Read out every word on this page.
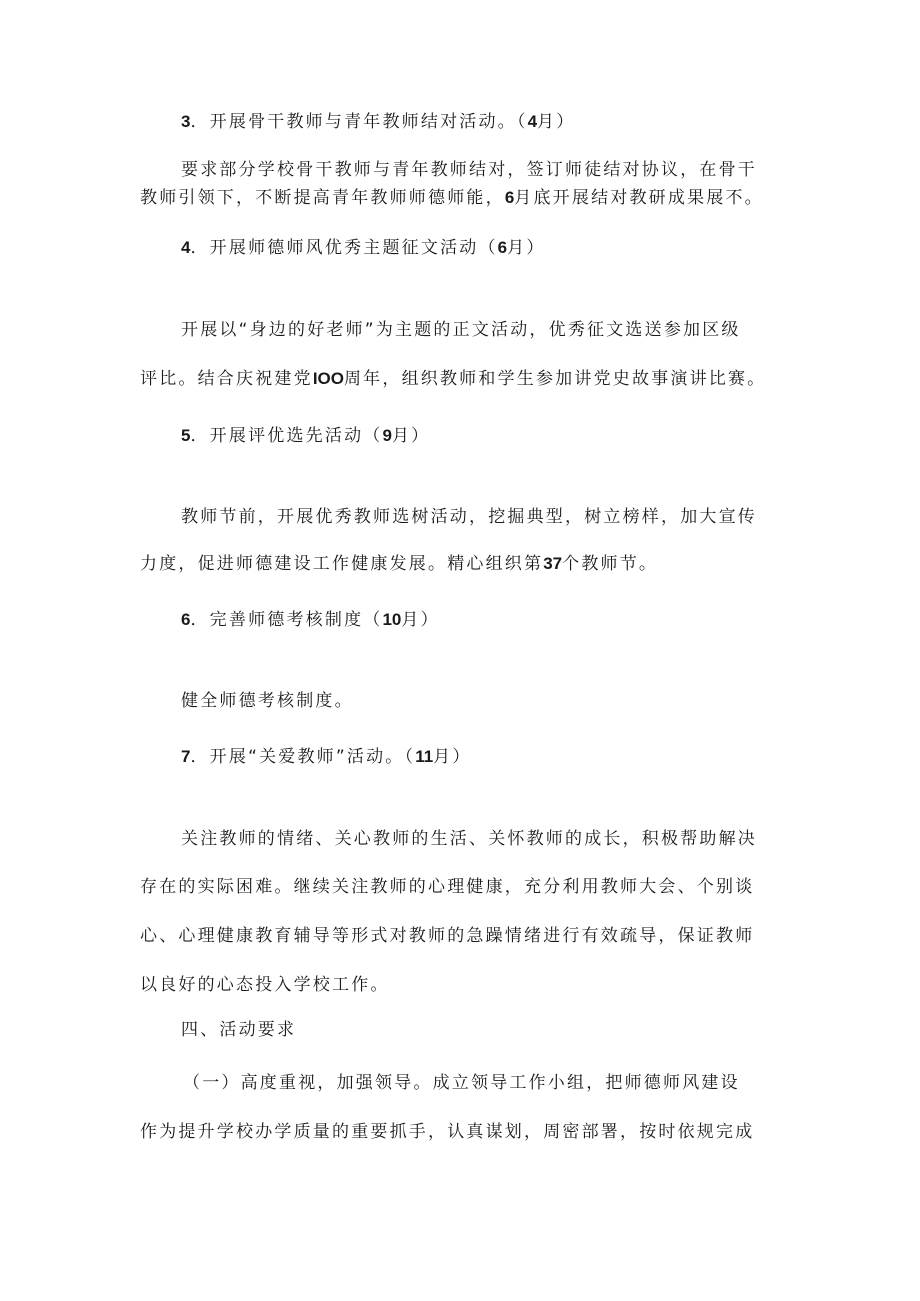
3．开展骨干教师与青年教师结对活动。（4月）
要求部分学校骨干教师与青年教师结对，签订师徒结对协议，在骨干
教师引领下，不断提高青年教师师德师能，6月底开展结对教研成果展不。
4．开展师德师风优秀主题征文活动（6月）
开展以“身边的好老师”为主题的正文活动，优秀征文选送参加区级
评比。结合庆祝建党IOO周年，组织教师和学生参加讲党史故事演讲比赛。
5．开展评优选先活动（9月）
教师节前，开展优秀教师选树活动，挖掘典型，树立榜样，加大宣传
力度，促进师德建设工作健康发展。精心组织第37个教师节。
6．完善师德考核制度（10月）
健全师德考核制度。
7．开展“关爱教师”活动。（11月）
关注教师的情绪、关心教师的生活、关怀教师的成长，积极帮助解决
存在的实际困难。继续关注教师的心理健康，充分利用教师大会、个别谈
心、心理健康教育辅导等形式对教师的急躁情绪进行有效疏导，保证教师
以良好的心态投入学校工作。
四、活动要求
（一）高度重视，加强领导。成立领导工作小组，把师德师风建设
作为提升学校办学质量的重要抓手，认真谋划，周密部署，按时依规完成
